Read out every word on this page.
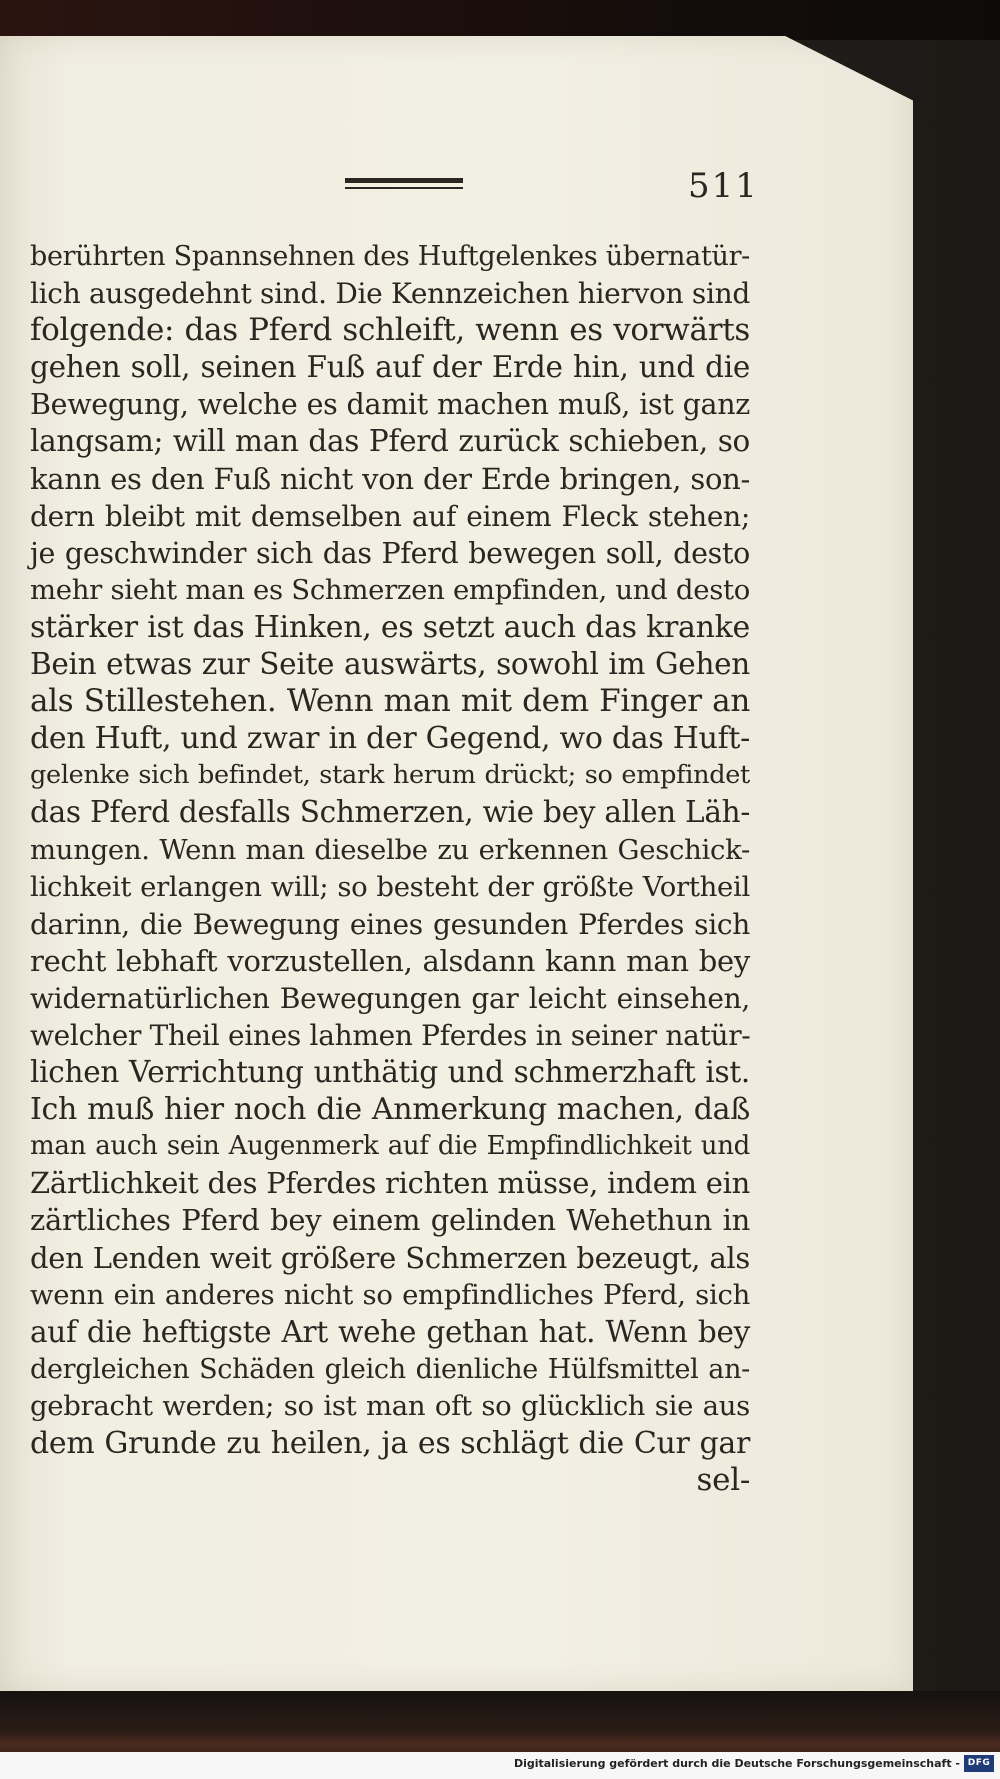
511
berührten Spannsehnen des Huftgelenkes übernatür-
lich ausgedehnt sind. Die Kennzeichen hiervon sind
folgende: das Pferd schleift, wenn es vorwärts
gehen soll, seinen Fuß auf der Erde hin, und die
Bewegung, welche es damit machen muß, ist ganz
langsam; will man das Pferd zurück schieben, so
kann es den Fuß nicht von der Erde bringen, son-
dern bleibt mit demselben auf einem Fleck stehen;
je geschwinder sich das Pferd bewegen soll, desto
mehr sieht man es Schmerzen empfinden, und desto
stärker ist das Hinken, es setzt auch das kranke
Bein etwas zur Seite auswärts, sowohl im Gehen
als Stillestehen. Wenn man mit dem Finger an
den Huft, und zwar in der Gegend, wo das Huft-
gelenke sich befindet, stark herum drückt; so empfindet
das Pferd desfalls Schmerzen, wie bey allen Läh-
mungen. Wenn man dieselbe zu erkennen Geschick-
lichkeit erlangen will; so besteht der größte Vortheil
darinn, die Bewegung eines gesunden Pferdes sich
recht lebhaft vorzustellen, alsdann kann man bey
widernatürlichen Bewegungen gar leicht einsehen,
welcher Theil eines lahmen Pferdes in seiner natür-
lichen Verrichtung unthätig und schmerzhaft ist.
Ich muß hier noch die Anmerkung machen, daß
man auch sein Augenmerk auf die Empfindlichkeit und
Zärtlichkeit des Pferdes richten müsse, indem ein
zärtliches Pferd bey einem gelinden Wehethun in
den Lenden weit größere Schmerzen bezeugt, als
wenn ein anderes nicht so empfindliches Pferd, sich
auf die heftigste Art wehe gethan hat. Wenn bey
dergleichen Schäden gleich dienliche Hülfsmittel an-
gebracht werden; so ist man oft so glücklich sie aus
dem Grunde zu heilen, ja es schlägt die Cur gar
sel-
Digitalisierung gefördert durch die Deutsche Forschungsgemeinschaft - DFG
